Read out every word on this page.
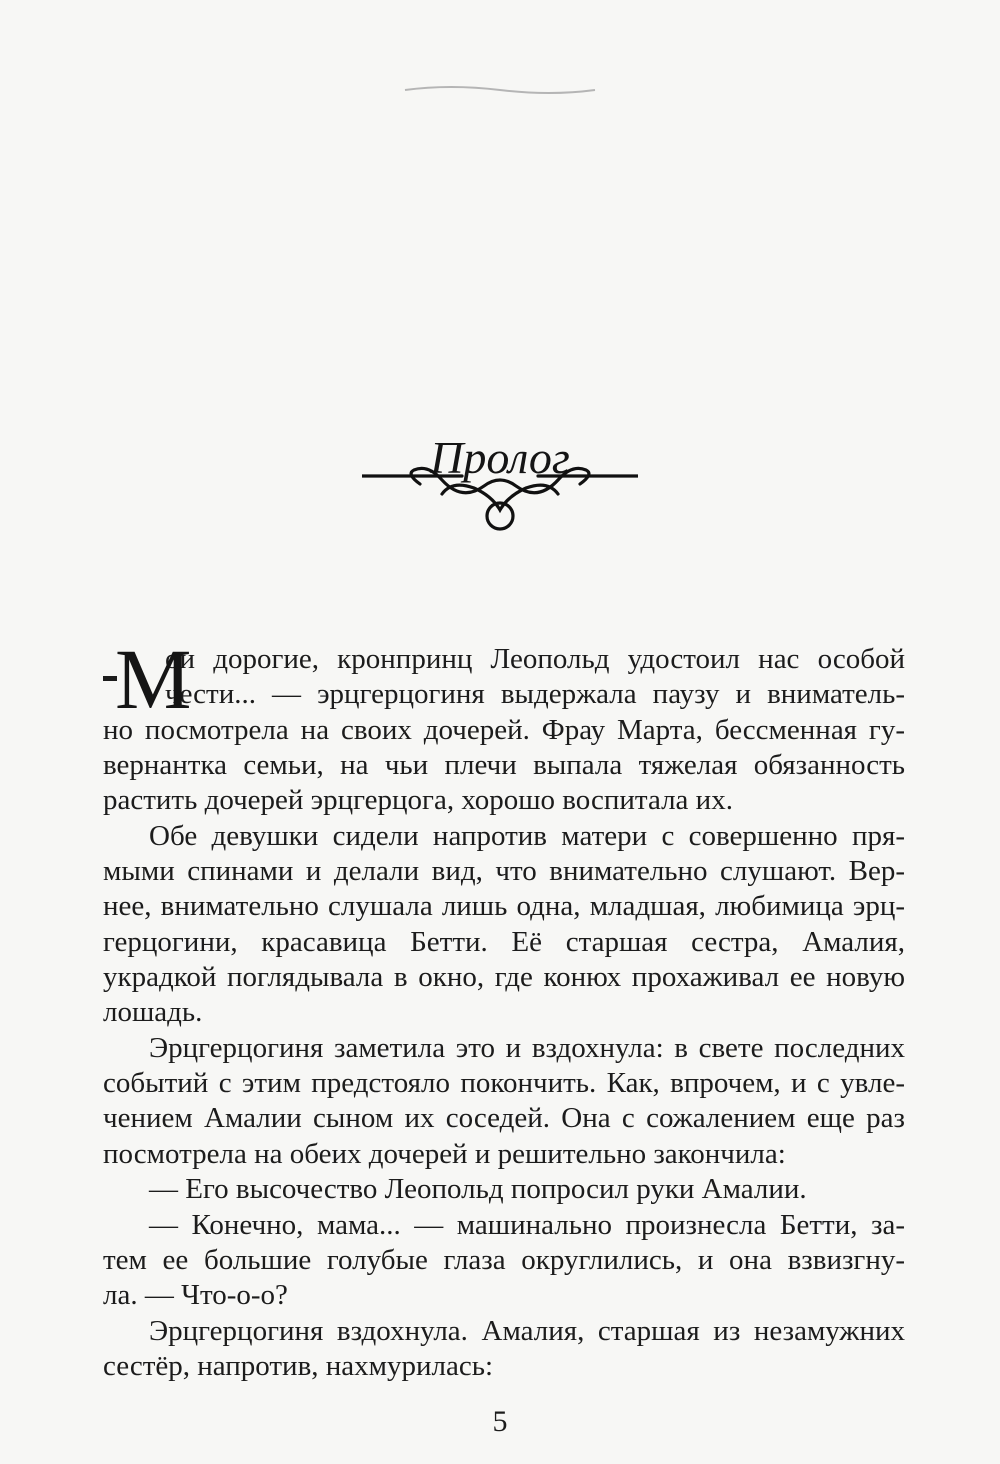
Пролог
М
ои дорогие, кронпринц Леопольд удостоил нас особой
чести... — эрцгерцогиня выдержала паузу и вниматель-
но посмотрела на своих дочерей. Фрау Марта, бессменная гу-
вернантка семьи, на чьи плечи выпала тяжелая обязанность
растить дочерей эрцгерцога, хорошо воспитала их.
Обе девушки сидели напротив матери с совершенно пря-
мыми спинами и делали вид, что внимательно слушают. Вер-
нее, внимательно слушала лишь одна, младшая, любимица эрц-
герцогини, красавица Бетти. Её старшая сестра, Амалия,
украдкой поглядывала в окно, где конюх прохаживал ее новую
лошадь.
Эрцгерцогиня заметила это и вздохнула: в свете последних
событий с этим предстояло покончить. Как, впрочем, и с увле-
чением Амалии сыном их соседей. Она с сожалением еще раз
посмотрела на обеих дочерей и решительно закончила:
— Его высочество Леопольд попросил руки Амалии.
— Конечно, мама... — машинально произнесла Бетти, за-
тем ее большие голубые глаза округлились, и она взвизгну-
ла. — Что-о-о?
Эрцгерцогиня вздохнула. Амалия, старшая из незамужних
сестёр, напротив, нахмурилась:
5
